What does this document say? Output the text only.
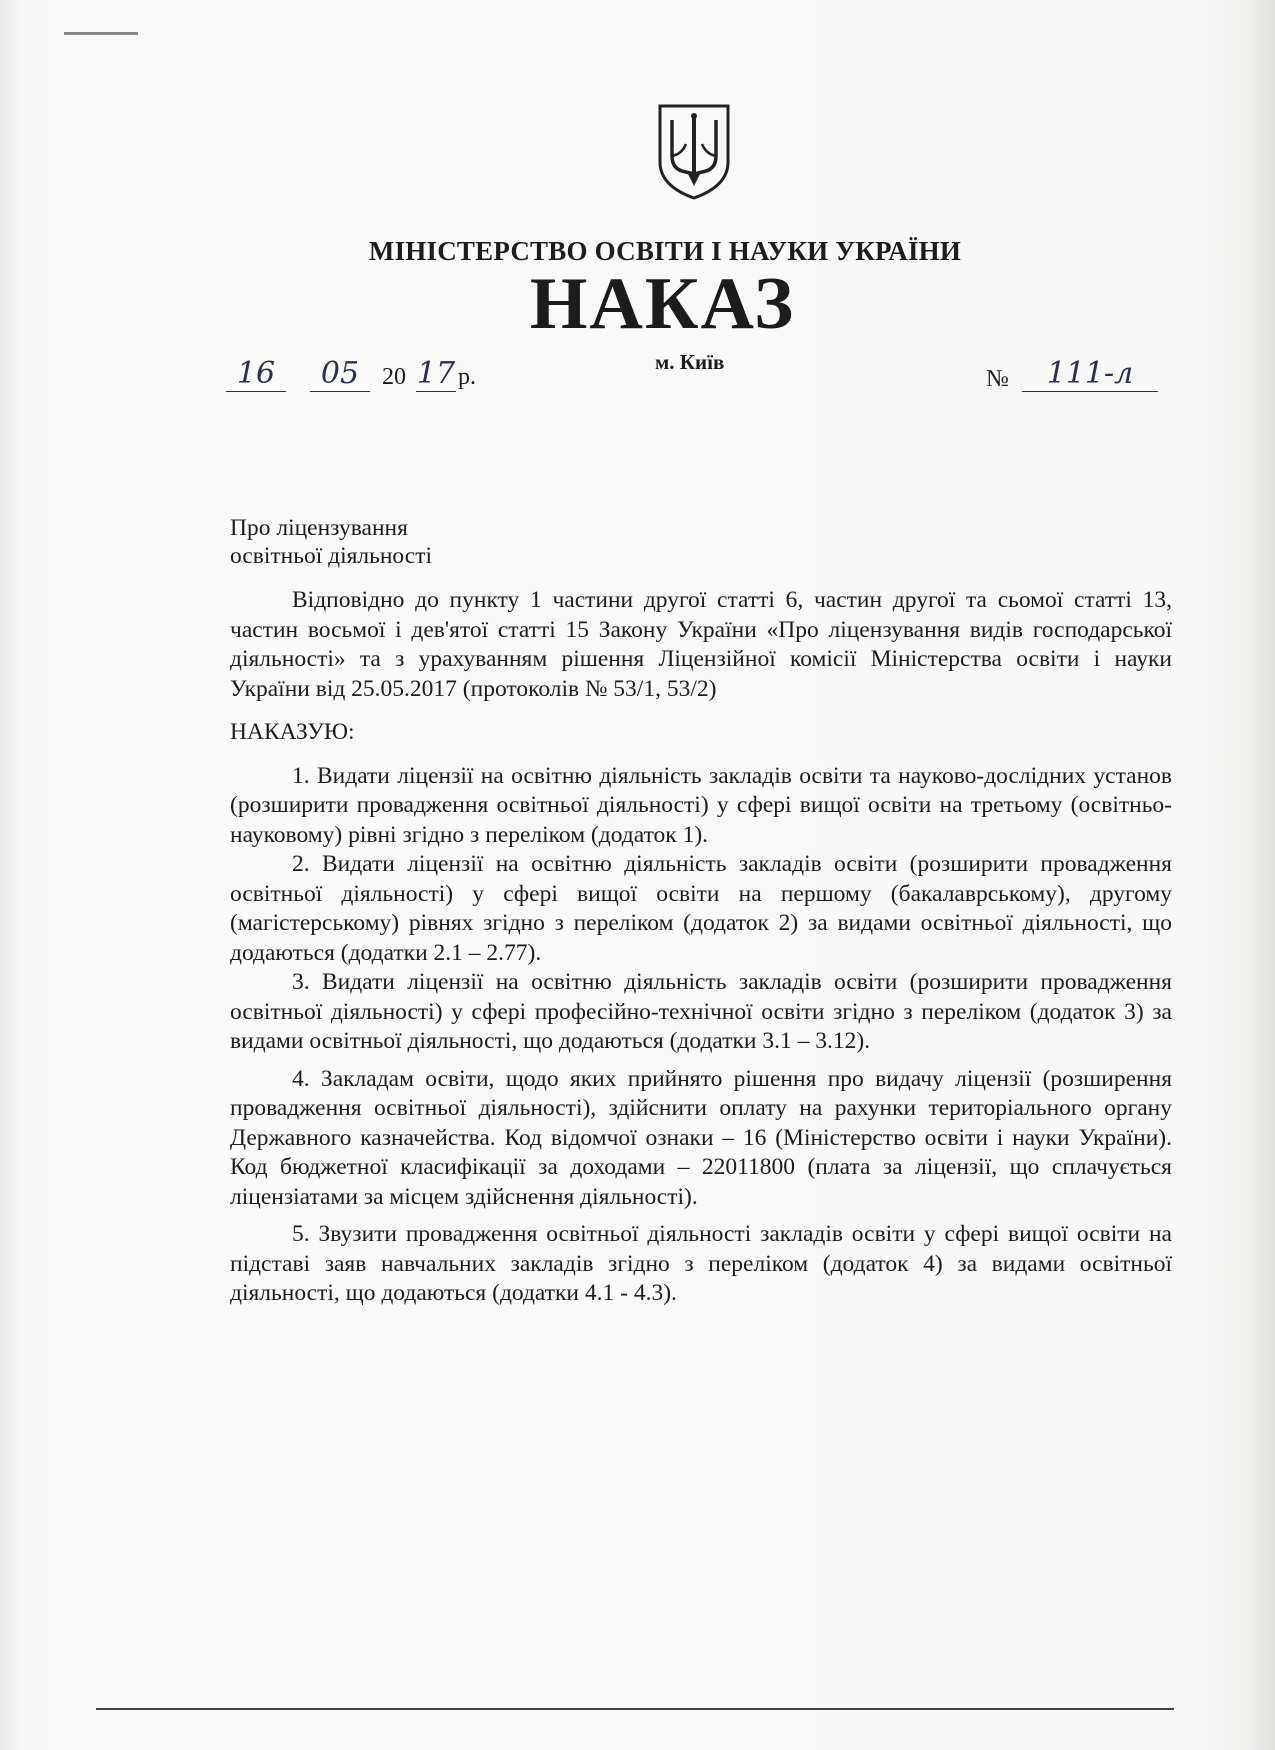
МІНІСТЕРСТВО ОСВІТИ І НАУКИ УКРАЇНИ
НАКАЗ
м. Київ
16	05 20 17 р.	№	111-л
Про ліцензування
освітньої діяльності

Відповідно до пункту 1 частини другої статті 6, частин другої та сьомої статті 13, частин восьмої і дев'ятої статті 15 Закону України «Про ліцензування видів господарської діяльності» та з урахуванням рішення Ліцензійної комісії Міністерства освіти і науки України від 25.05.2017 (протоколів № 53/1, 53/2)

НАКАЗУЮ:

1. Видати ліцензії на освітню діяльність закладів освіти та науково-дослідних установ (розширити провадження освітньої діяльності) у сфері вищої освіти на третьому (освітньо-науковому) рівні згідно з переліком (додаток 1).

2. Видати ліцензії на освітню діяльність закладів освіти (розширити провадження освітньої діяльності) у сфері вищої освіти на першому (бакалаврському), другому (магістерському) рівнях згідно з переліком (додаток 2) за видами освітньої діяльності, що додаються (додатки 2.1 – 2.77).

3. Видати ліцензії на освітню діяльність закладів освіти (розширити провадження освітньої діяльності) у сфері професійно-технічної освіти згідно з переліком (додаток 3) за видами освітньої діяльності, що додаються (додатки 3.1 – 3.12).

4. Закладам освіти, щодо яких прийнято рішення про видачу ліцензії (розширення провадження освітньої діяльності), здійснити оплату на рахунки територіального органу Державного казначейства. Код відомчої ознаки – 16 (Міністерство освіти і науки України). Код бюджетної класифікації за доходами – 22011800 (плата за ліцензії, що сплачується ліцензіатами за місцем здійснення діяльності).

5. Звузити провадження освітньої діяльності закладів освіти у сфері вищої освіти на підставі заяв навчальних закладів згідно з переліком (додаток 4) за видами освітньої діяльності, що додаються (додатки 4.1 - 4.3).
